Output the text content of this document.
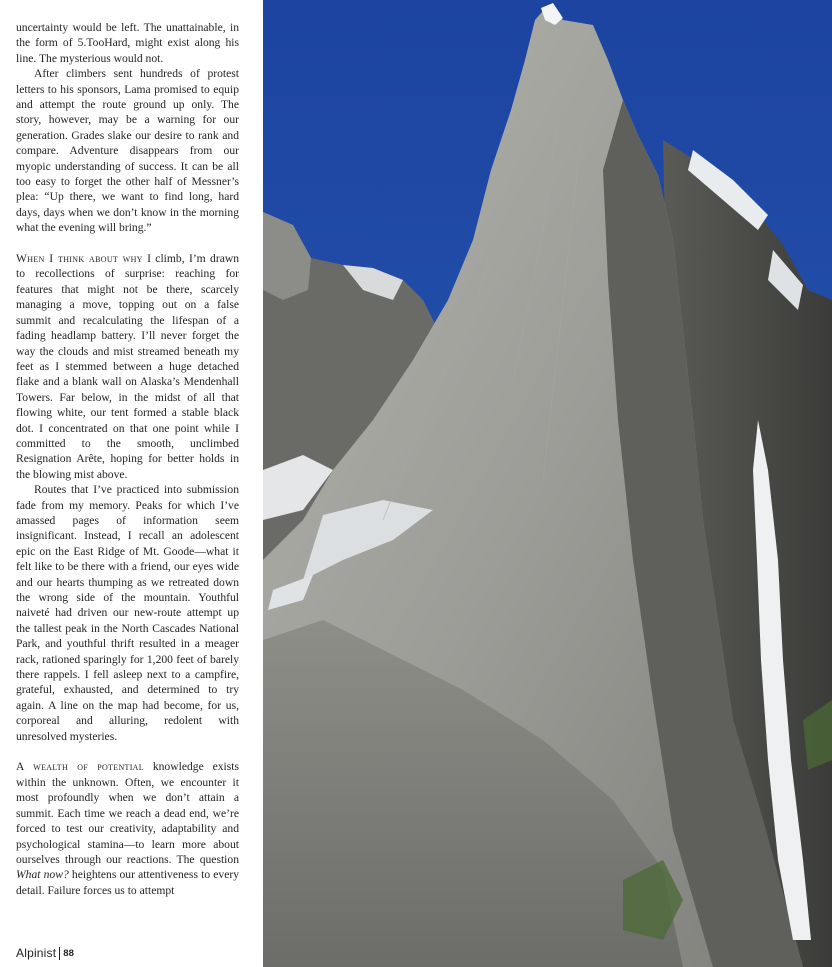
uncertainty would be left. The unattainable, in the form of 5.TooHard, might exist along his line. The mysterious would not.

After climbers sent hundreds of protest letters to his sponsors, Lama promised to equip and attempt the route ground up only. The story, however, may be a warning for our generation. Grades slake our desire to rank and compare. Adventure disappears from our myopic understanding of success. It can be all too easy to forget the other half of Messner’s plea: “Up there, we want to find long, hard days, days when we don’t know in the morning what the evening will bring.”

When I think about why I climb, I’m drawn to recollections of surprise: reaching for features that might not be there, scarcely managing a move, topping out on a false summit and recalculating the lifespan of a fading headlamp battery. I’ll never forget the way the clouds and mist streamed beneath my feet as I stemmed between a huge detached flake and a blank wall on Alaska’s Mendenhall Towers. Far below, in the midst of all that flowing white, our tent formed a stable black dot. I concentrated on that one point while I committed to the smooth, unclimbed Resignation Arête, hoping for better holds in the blowing mist above.

Routes that I’ve practiced into submission fade from my memory. Peaks for which I’ve amassed pages of information seem insignificant. Instead, I recall an adolescent epic on the East Ridge of Mt. Goode—what it felt like to be there with a friend, our eyes wide and our hearts thumping as we retreated down the wrong side of the mountain. Youthful naiveté had driven our new-route attempt up the tallest peak in the North Cascades National Park, and youthful thrift resulted in a meager rack, rationed sparingly for 1,200 feet of barely there rappels. I fell asleep next to a campfire, grateful, exhausted, and determined to try again. A line on the map had become, for us, corporeal and alluring, redolent with unresolved mysteries.

A wealth of potential knowledge exists within the unknown. Often, we encounter it most profoundly when we don’t attain a summit. Each time we reach a dead end, we’re forced to test our creativity, adaptability and psychological stamina—to learn more about ourselves through our reactions. The question What now? heightens our attentiveness to every detail. Failure forces us to attempt

Alpinist 88
